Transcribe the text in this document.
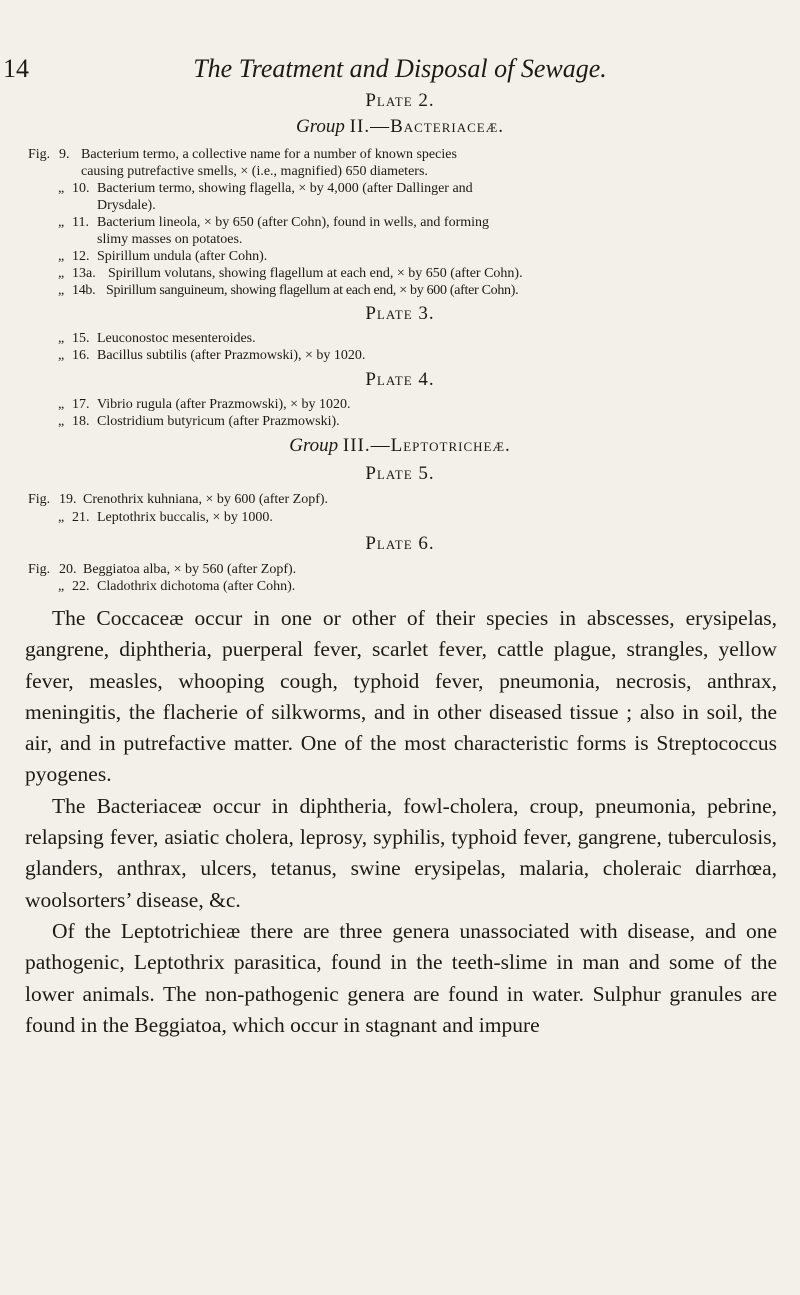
14	The Treatment and Disposal of Sewage.
Plate 2.
Group II.—Bacteriaceæ.
Fig. 9. Bacterium termo, a collective name for a number of known species
causing putrefactive smells, × (i.e., magnified) 650 diameters.
„ 10. Bacterium termo, showing flagella, × by 4,000 (after Dallinger and
Drysdale).
„ 11. Bacterium lineola, × by 650 (after Cohn), found in wells, and forming
slimy masses on potatoes.
„ 12. Spirillum undula (after Cohn).
„ 13a. Spirillum volutans, showing flagellum at each end, × by 650 (after Cohn).
„ 14b. Spirillum sanguineum, showing flagellum at each end, × by 600 (after Cohn).
Plate 3.
„ 15. Leuconostoc mesenteroides.
„ 16. Bacillus subtilis (after Prazmowski), × by 1020.
Plate 4.
„ 17. Vibrio rugula (after Prazmowski), × by 1020.
„ 18. Clostridium butyricum (after Prazmowski).
Group III.—Leptotricheæ.
Plate 5.
Fig. 19. Crenothrix kuhniana, × by 600 (after Zopf).
„ 21. Leptothrix buccalis, × by 1000.
Plate 6.
Fig. 20. Beggiatoa alba, × by 560 (after Zopf).
„ 22. Cladothrix dichotoma (after Cohn).

The Coccaceæ occur in one or other of their species in abscesses, erysipelas, gangrene, diphtheria, puerperal fever, scarlet fever, cattle plague, strangles, yellow fever, measles, whooping cough, typhoid fever, pneumonia, necrosis, anthrax, meningitis, the flacherie of silkworms, and in other diseased tissue ; also in soil, the air, and in putrefactive matter. One of the most characteristic forms is Streptococcus pyogenes.

The Bacteriaceæ occur in diphtheria, fowl-cholera, croup, pneumonia, pebrine, relapsing fever, asiatic cholera, leprosy, syphilis, typhoid fever, gangrene, tuberculosis, glanders, anthrax, ulcers, tetanus, swine erysipelas, malaria, choleraic diarrhœa, woolsorters’ disease, &c.

Of the Leptotrichieæ there are three genera unassociated with disease, and one pathogenic, Leptothrix parasitica, found in the teeth-slime in man and some of the lower animals. The non-pathogenic genera are found in water. Sulphur granules are found in the Beggiatoa, which occur in stagnant and impure
